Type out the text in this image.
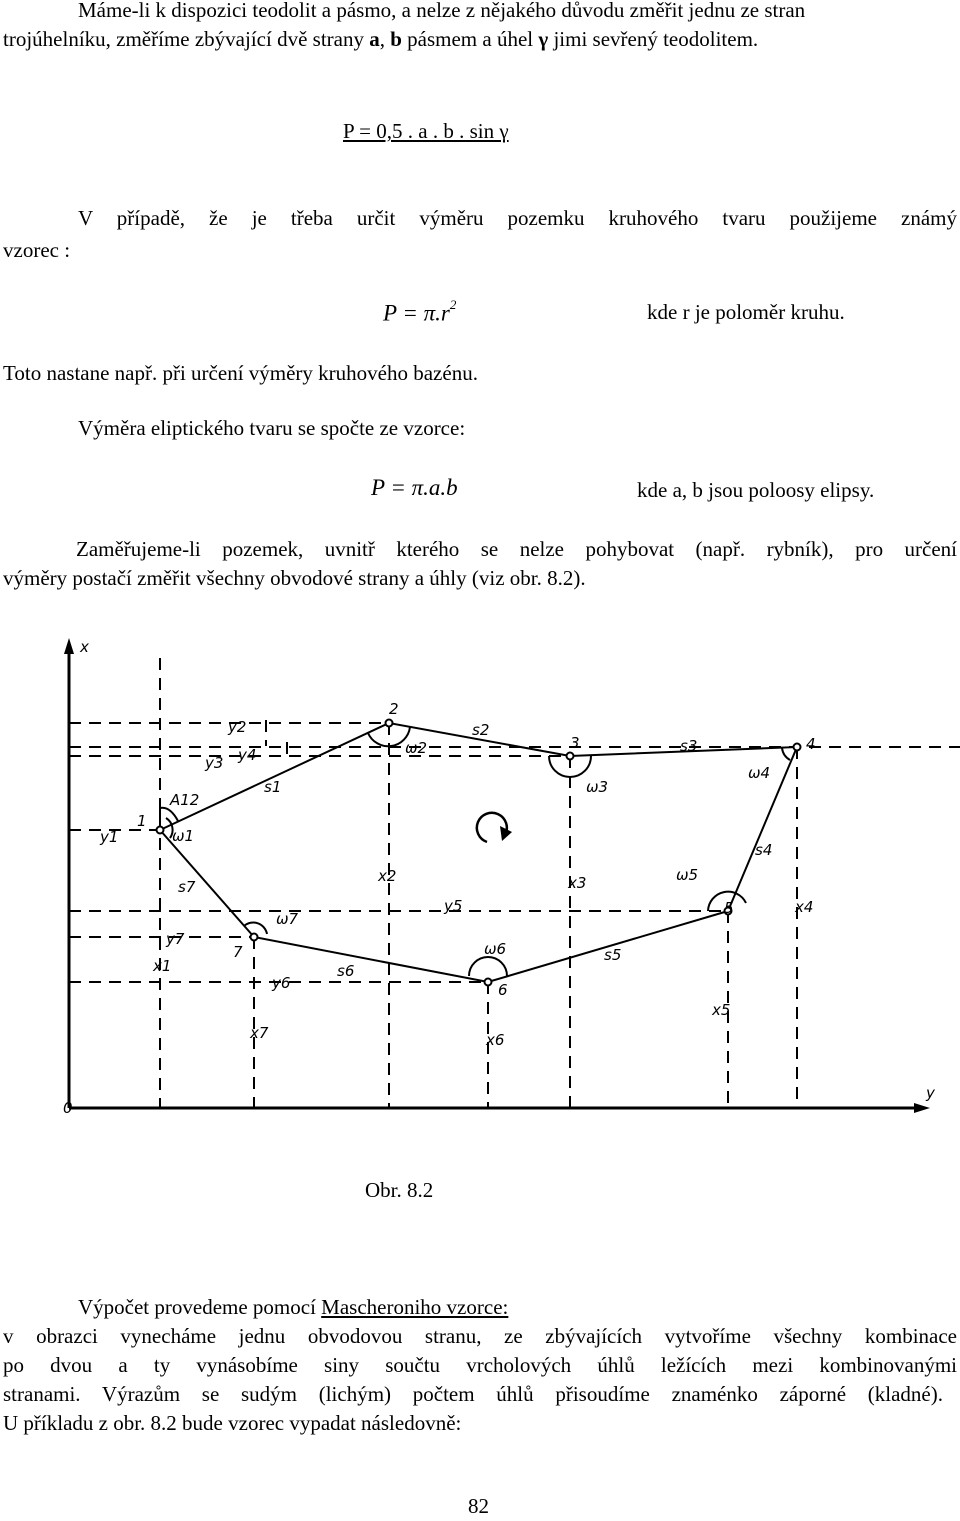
Máme-li k dispozici teodolit a pásmo, a nelze z nějakého důvodu změřit jednu ze stran
trojúhelníku, změříme zbývající dvě strany a, b pásmem a úhel γ jimi sevřený teodolitem.
P = 0,5 . a . b . sin γ
V případě, že je třeba určit výměru pozemku kruhového tvaru použijeme známý
vzorec :
$P = \pi.r^2$	kde r je poloměr kruhu.
Toto nastane např. při určení výměry kruhového bazénu.
Výměra eliptického tvaru se spočte ze vzorce:
P = π.a.b	kde a, b jsou poloosy elipsy.
Zaměřujeme-li pozemek, uvnitř kterého se nelze pohybovat (např. rybník), pro určení
výměry postačí změřit všechny obvodové strany a úhly (viz obr. 8.2).
x
y
0
1
2
3	4
5
6
7
s1
s2
s3
s4
s5
s6
s7
ω1
ω2
ω3
ω4
ω5
ω6
ω7
x1
x2	x3
x4
x5
x6
x7
y1
y2
y3 y4
y5
y6
y7
A12
Obr. 8.2
Výpočet provedeme pomocí Mascheroniho vzorce:
v obrazci vynecháme jednu obvodovou stranu, ze zbývajících vytvoříme všechny kombinace
po dvou a ty vynásobíme siny součtu vrcholových úhlů ležících mezi kombinovanými
stranami. Výrazům se sudým (lichým) počtem úhlů přisoudíme znaménko záporné (kladné).
U příkladu z obr. 8.2 bude vzorec vypadat následovně:
82
